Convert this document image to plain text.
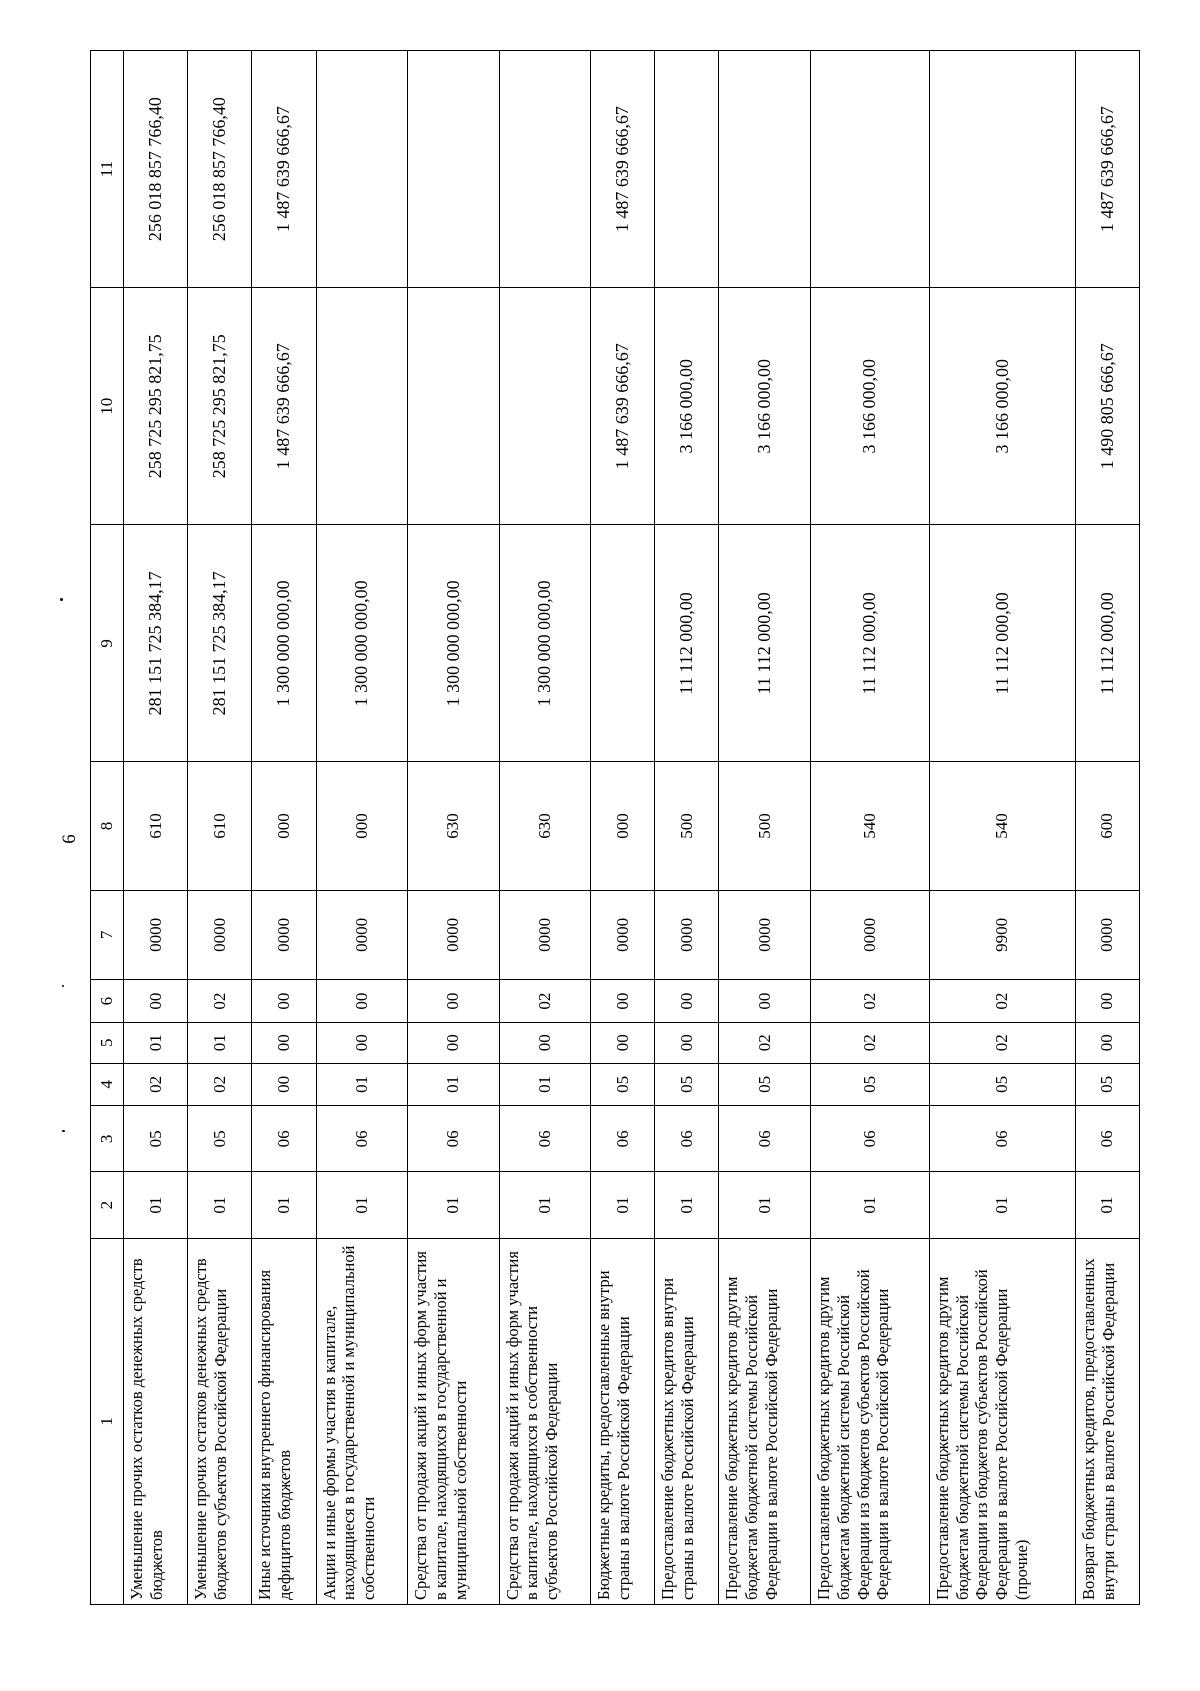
6
1	2	3	4	5	6	7	8	9	10	11
Уменьшение прочих остатков денежных средств бюджетов	01	05	02	01	00	0000	610	281 151 725 384,17	258 725 295 821,75	256 018 857 766,40
Уменьшение прочих остатков денежных средств бюджетов субъектов Российской Федерации	01	05	02	01	02	0000	610	281 151 725 384,17	258 725 295 821,75	256 018 857 766,40
Иные источники внутреннего финансирования дефицитов бюджетов	01	06	00	00	00	0000	000	1 300 000 000,00	1 487 639 666,67	1 487 639 666,67
Акции и иные формы участия в капитале, находящиеся в государственной и муниципальной собственности	01	06	01	00	00	0000	000	1 300 000 000,00		
Средства от продажи акций и иных форм участия в капитале, находящихся в государственной и муниципальной собственности	01	06	01	00	00	0000	630	1 300 000 000,00		
Средства от продажи акций и иных форм участия в капитале, находящихся в собственности субъектов Российской Федерации	01	06	01	00	02	0000	630	1 300 000 000,00		
Бюджетные кредиты, предоставленные внутри страны в валюте Российской Федерации	01	06	05	00	00	0000	000		1 487 639 666,67	1 487 639 666,67
Предоставление бюджетных кредитов внутри страны в валюте Российской Федерации	01	06	05	00	00	0000	500	11 112 000,00	3 166 000,00	
Предоставление бюджетных кредитов другим бюджетам бюджетной системы Российской Федерации в валюте Российской Федерации	01	06	05	02	00	0000	500	11 112 000,00	3 166 000,00	
Предоставление бюджетных кредитов другим бюджетам бюджетной системы Российской Федерации из бюджетов субъектов Российской Федерации в валюте Российской Федерации	01	06	05	02	02	0000	540	11 112 000,00	3 166 000,00	
Предоставление бюджетных кредитов другим бюджетам бюджетной системы Российской Федерации из бюджетов субъектов Российской Федерации в валюте Российской Федерации (прочие)	01	06	05	02	02	9900	540	11 112 000,00	3 166 000,00	
Возврат бюджетных кредитов, предоставленных внутри страны в валюте Российской Федерации	01	06	05	00	00	0000	600	11 112 000,00	1 490 805 666,67	1 487 639 666,67
